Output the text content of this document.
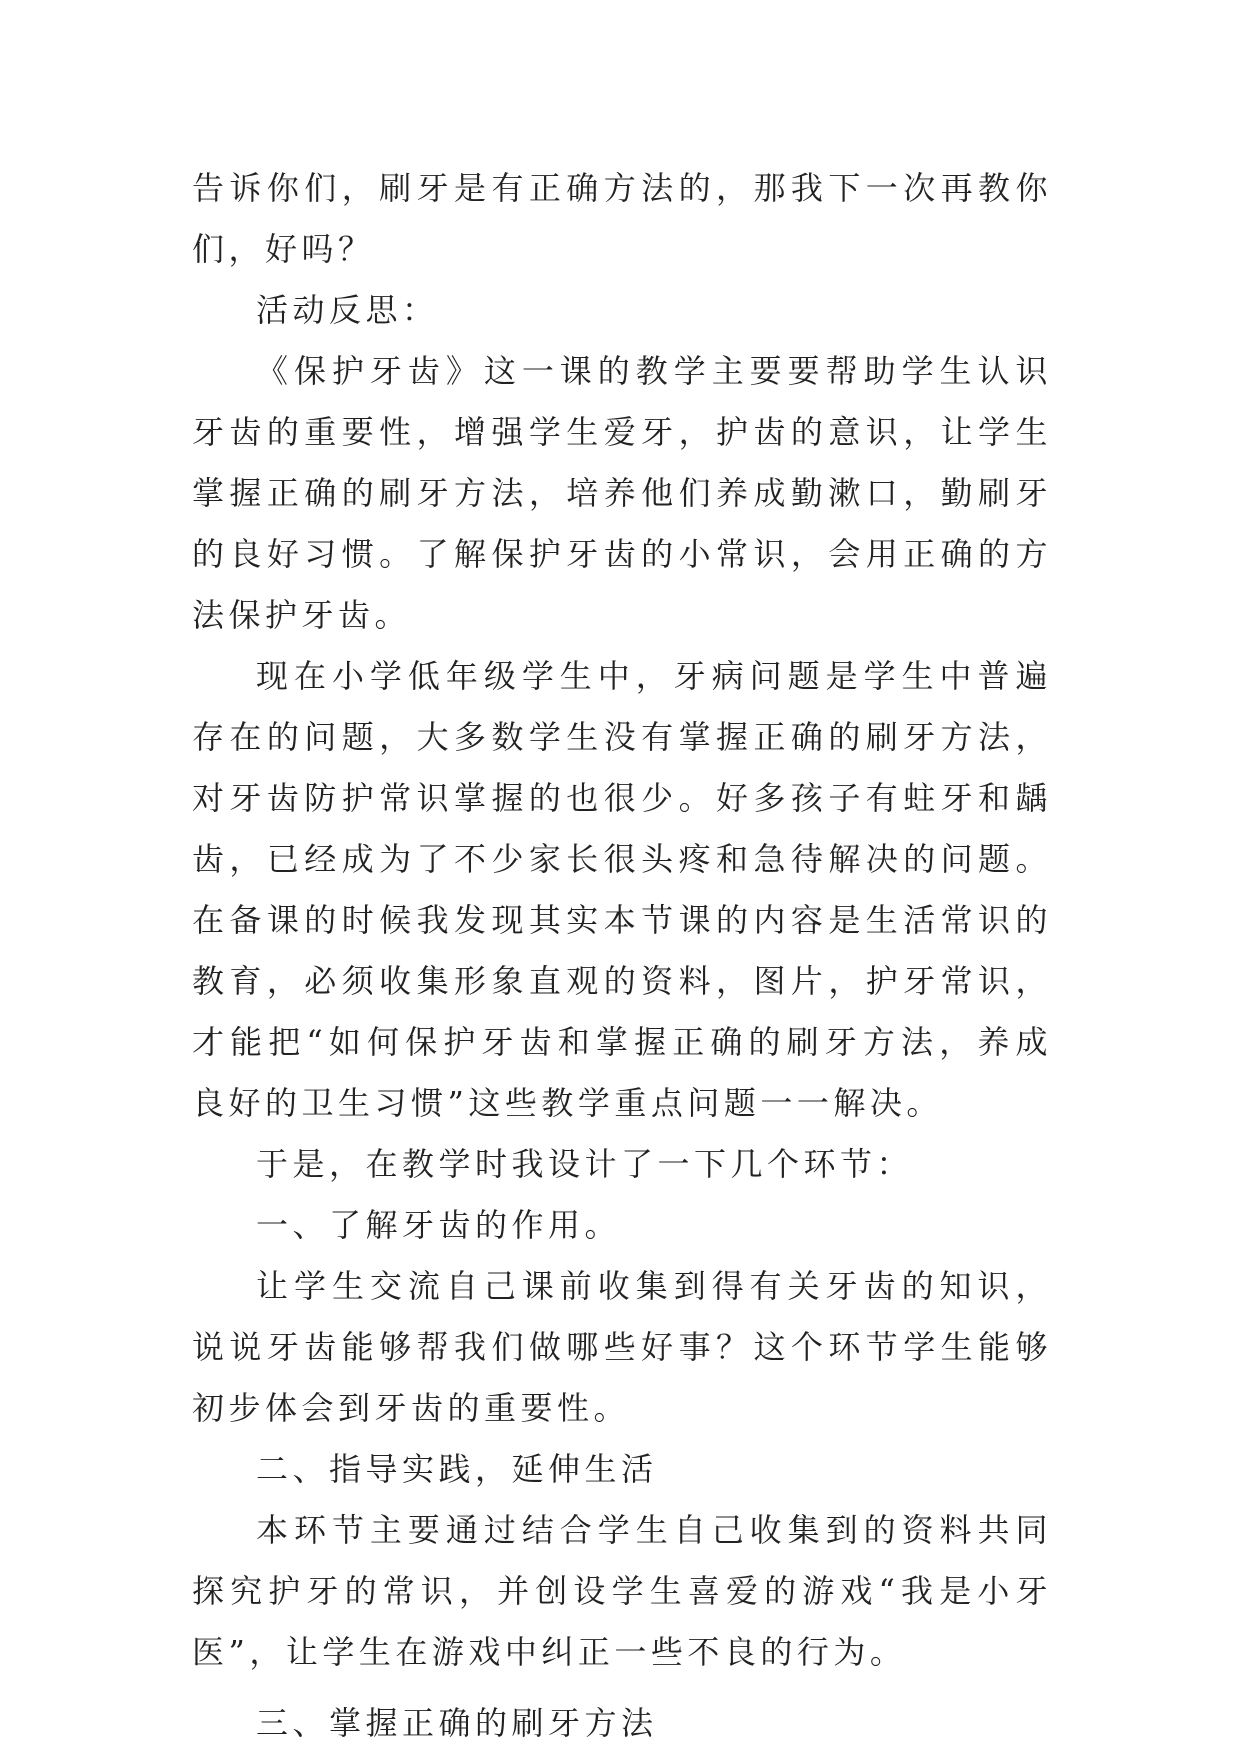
告诉你们，刷牙是有正确方法的，那我下一次再教你们，好吗？

活动反思：

《保护牙齿》这一课的教学主要要帮助学生认识牙齿的重要性，增强学生爱牙，护齿的意识，让学生掌握正确的刷牙方法，培养他们养成勤漱口，勤刷牙的良好习惯。了解保护牙齿的小常识，会用正确的方法保护牙齿。

现在小学低年级学生中，牙病问题是学生中普遍存在的问题，大多数学生没有掌握正确的刷牙方法，对牙齿防护常识掌握的也很少。好多孩子有蛀牙和龋齿，已经成为了不少家长很头疼和急待解决的问题。在备课的时候我发现其实本节课的内容是生活常识的教育，必须收集形象直观的资料，图片，护牙常识，才能把“如何保护牙齿和掌握正确的刷牙方法，养成良好的卫生习惯”这些教学重点问题一一解决。

于是，在教学时我设计了一下几个环节：

一、了解牙齿的作用。

让学生交流自己课前收集到得有关牙齿的知识，说说牙齿能够帮我们做哪些好事？这个环节学生能够初步体会到牙齿的重要性。

二、指导实践，延伸生活

本环节主要通过结合学生自己收集到的资料共同探究护牙的常识，并创设学生喜爱的游戏“我是小牙医”，让学生在游戏中纠正一些不良的行为。

三、掌握正确的刷牙方法
